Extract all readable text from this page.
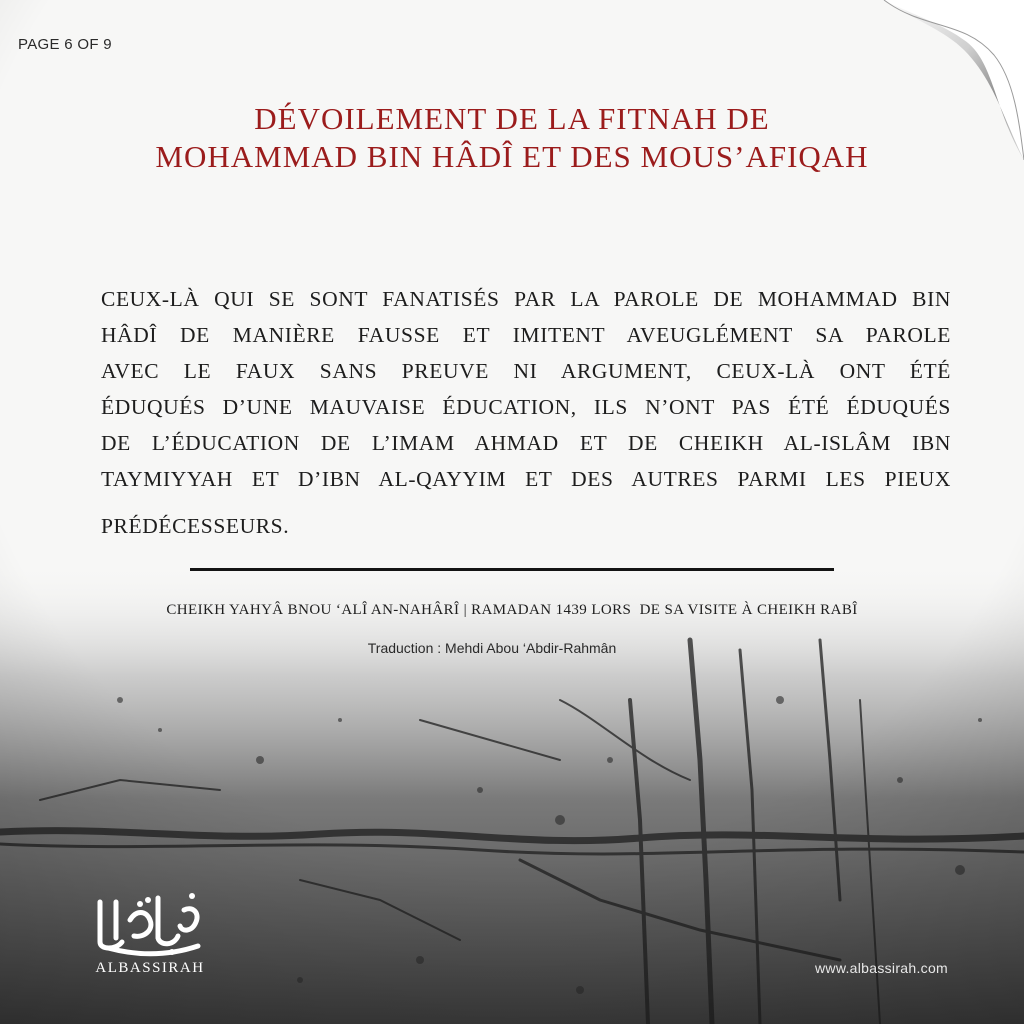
PAGE 6 OF 9
DÉVOILEMENT DE LA FITNAH DE
MOHAMMAD BIN HÂDÎ ET DES MOUS’AFIQAH

CEUX-LÀ QUI SE SONT FANATISÉS PAR LA PAROLE DE MOHAMMAD BIN

HÂDÎ DE MANIÈRE FAUSSE ET IMITENT AVEUGLÉMENT SA PAROLE

AVEC LE FAUX SANS PREUVE NI ARGUMENT, CEUX-LÀ ONT ÉTÉ

ÉDUQUÉS D’UNE MAUVAISE ÉDUCATION, ILS N’ONT PAS ÉTÉ ÉDUQUÉS

DE L’ÉDUCATION DE L’IMAM AHMAD ET DE CHEIKH AL-ISLÂM IBN

TAYMIYYAH ET D’IBN AL-QAYYIM ET DES AUTRES PARMI LES PIEUX

PRÉDÉCESSEURS.

CHEIKH YAHYÂ BNOU ‘ALÎ AN-NAHÂRÎ | RAMADAN 1439 LORS  DE SA VISITE À CHEIKH RABÎ
Traduction : Mehdi Abou ‘Abdir-Rahmân
ALBASSIRAH	www.albassirah.com
